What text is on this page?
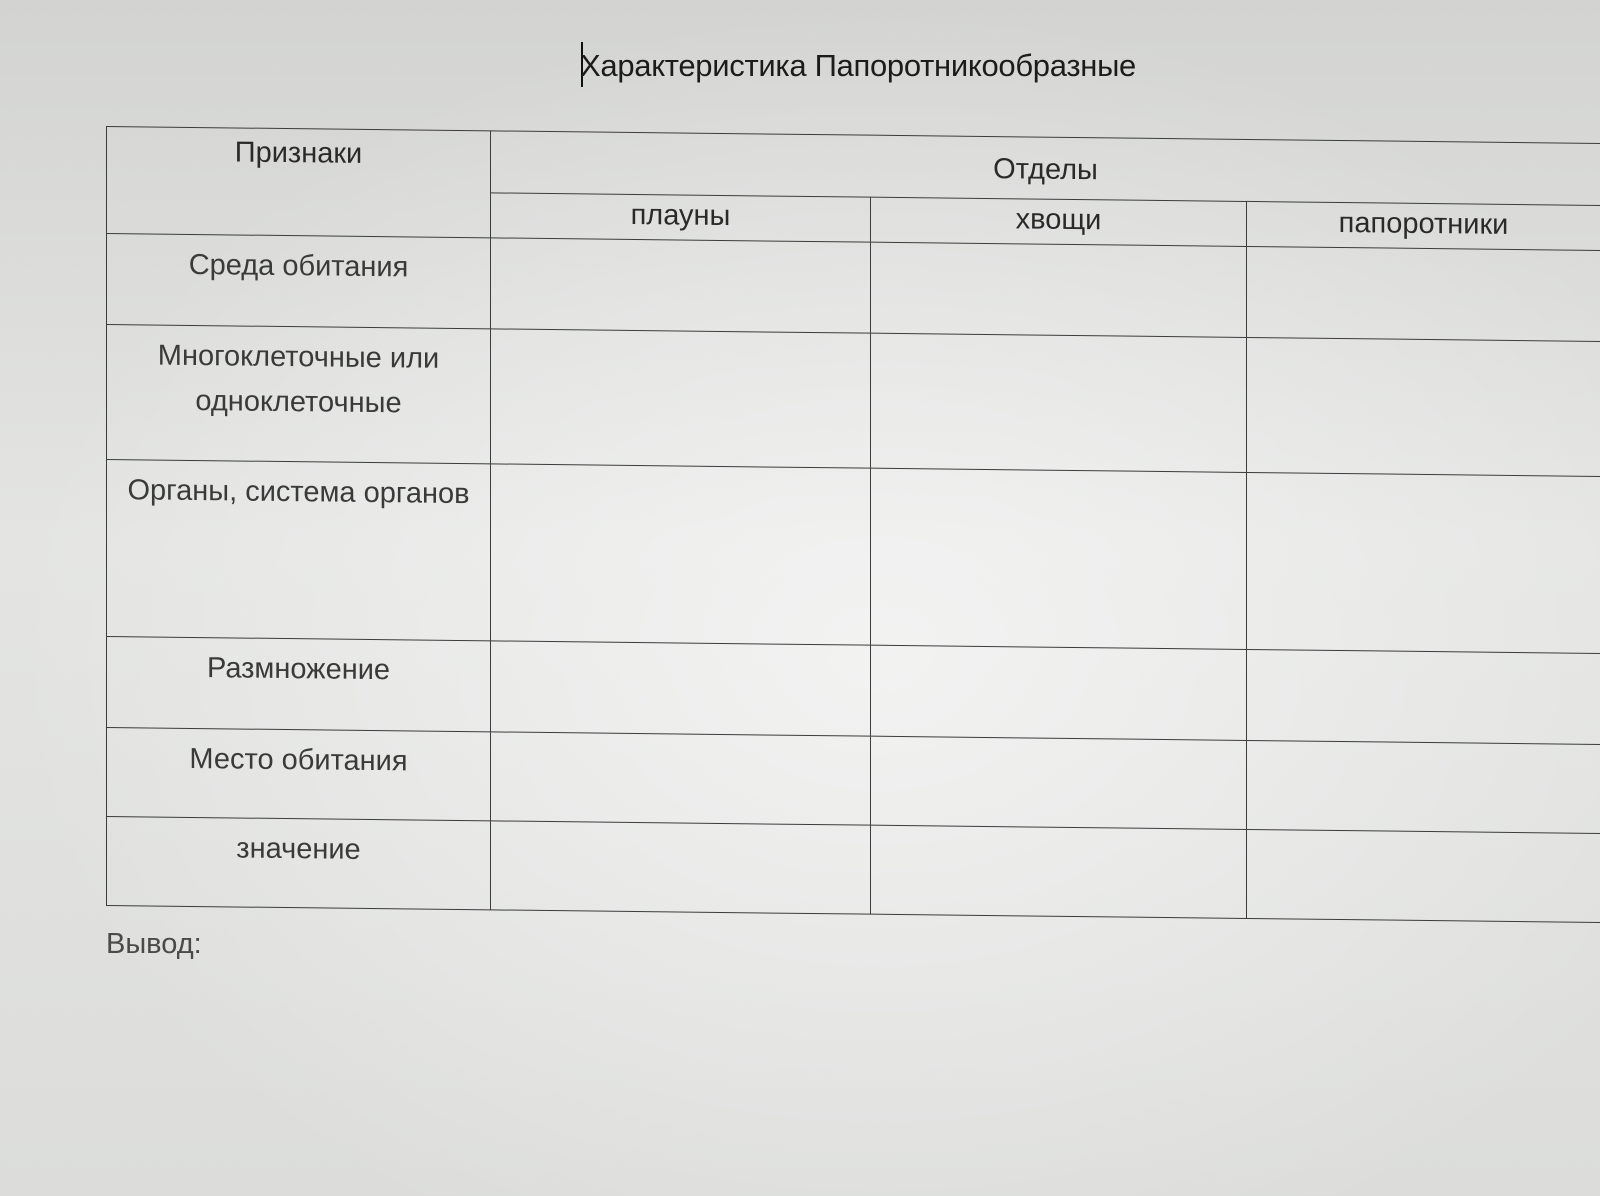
Характеристика Папоротникообразные
Признаки	Отделы		
	плауны	хвощи	папоротники
Среда обитания			
Многоклеточные или одноклеточные			
Органы, система органов			
Размножение			
Место обитания			
значение			
Вывод:
